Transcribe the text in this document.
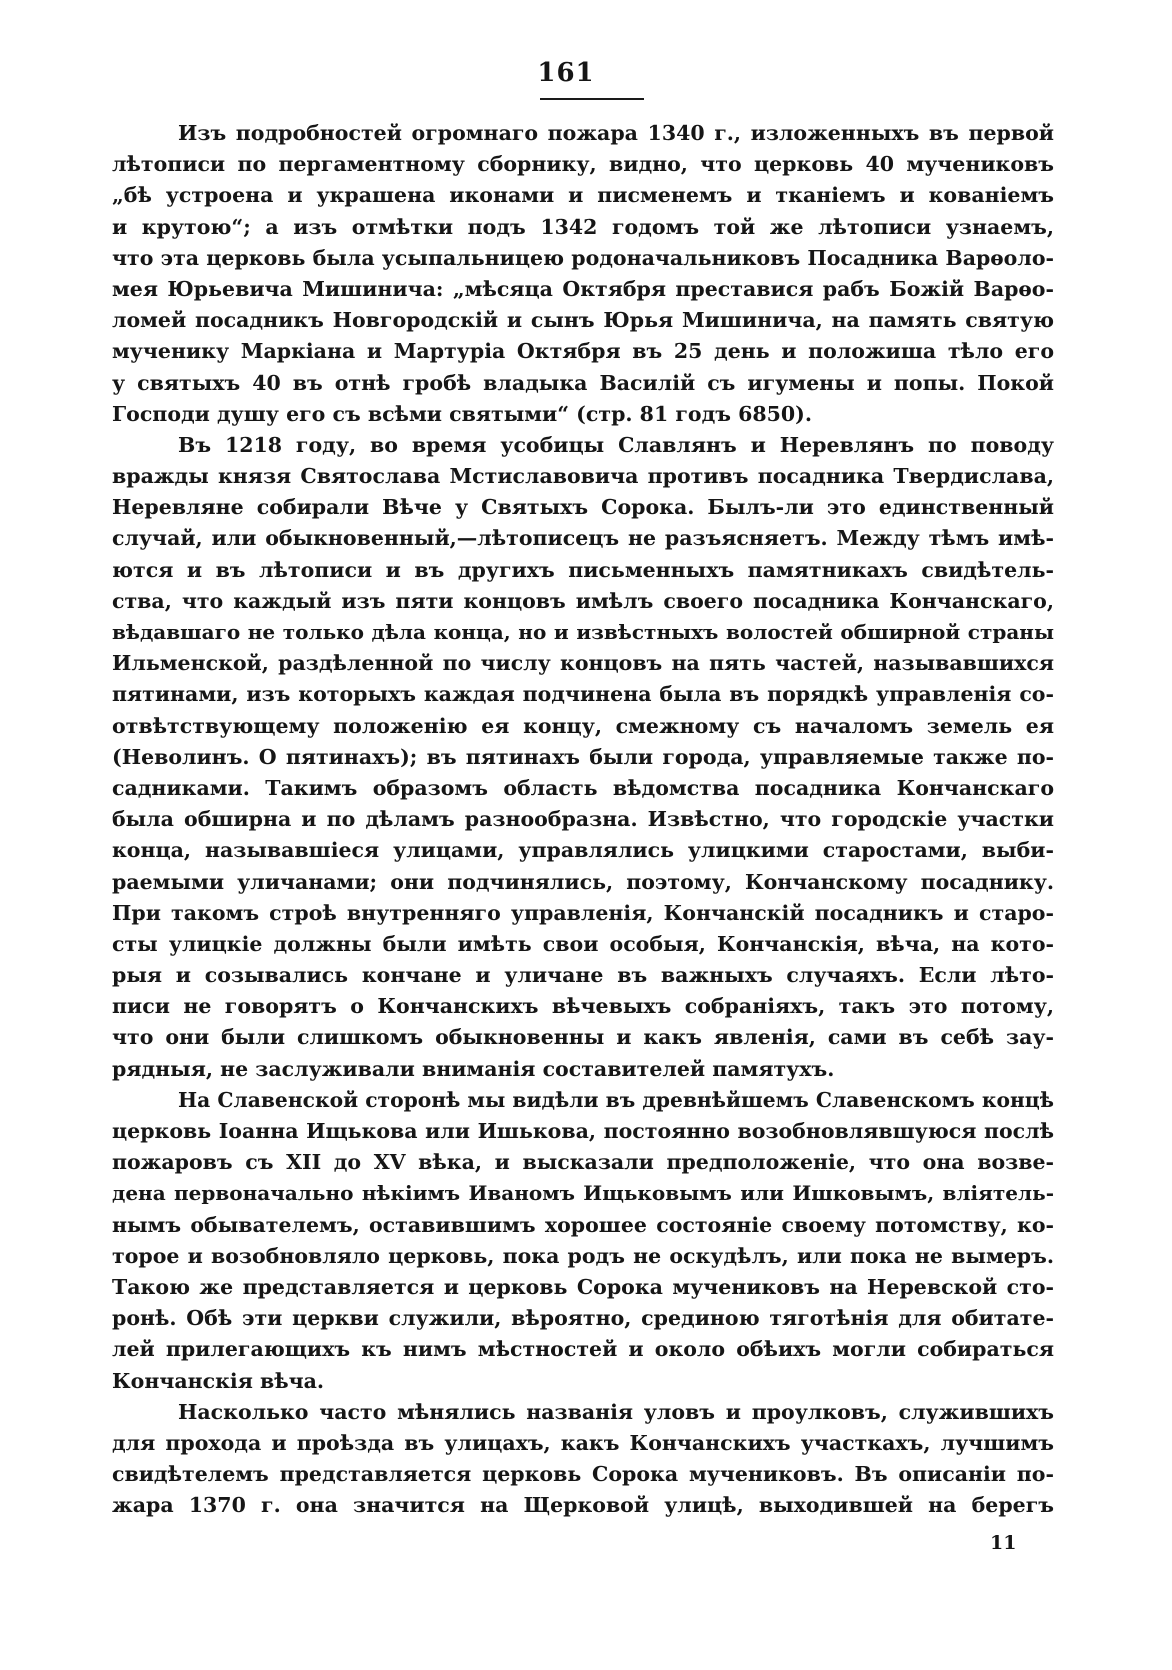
161
Изъ подробностей огромнаго пожара 1340 г., изложенныхъ въ первой
лѣтописи по пергаментному сборнику, видно, что церковь 40 мучениковъ
„бѣ устроена и украшена иконами и писменемъ и тканiемъ и кованiемъ
и крутою“; а изъ отмѣтки подъ 1342 годомъ той же лѣтописи узнаемъ,
что эта церковь была усыпальницею родоначальниковъ Посадника Варѳоло-
мея Юрьевича Мишинича: „мѣсяца Октября преставися рабъ Божiй Варѳо-
ломей посадникъ Новгородскiй и сынъ Юрья Мишинича, на память святую
мученику Маркiана и Мартурiа Октября въ 25 день и положиша тѣло его
у святыхъ 40 въ отнѣ гробѣ владыка Василiй съ игумены и попы. Покой
Господи душу его съ всѣми святыми“ (стр. 81 годъ 6850).
Въ 1218 году, во время усобицы Славлянъ и Неревлянъ по поводу
вражды князя Святослава Мстиславовича противъ посадника Твердислава,
Неревляне собирали Вѣче у Святыхъ Сорока. Былъ-ли это единственный
случай, или обыкновенный,—лѣтописецъ не разъясняетъ. Между тѣмъ имѣ-
ются и въ лѣтописи и въ другихъ письменныхъ памятникахъ свидѣтель-
ства, что каждый изъ пяти концовъ имѣлъ своего посадника Кончанскаго,
вѣдавшаго не только дѣла конца, но и извѣстныхъ волостей обширной страны
Ильменской, раздѣленной по числу концовъ на пять частей, называвшихся
пятинами, изъ которыхъ каждая подчинена была въ порядкѣ управленiя со-
отвѣтствующему положенiю ея концу, смежному съ началомъ земель ея
(Неволинъ. О пятинахъ); въ пятинахъ были города, управляемые также по-
садниками. Такимъ образомъ область вѣдомства посадника Кончанскаго
была обширна и по дѣламъ разнообразна. Извѣстно, что городскiе участки
конца, называвшiеся улицами, управлялись улицкими старостами, выби-
раемыми уличанами; они подчинялись, поэтому, Кончанскому посаднику.
При такомъ строѣ внутренняго управленiя, Кончанскiй посадникъ и старо-
сты улицкiе должны были имѣть свои особыя, Кончанскiя, вѣча, на кото-
рыя и созывались кончане и уличане въ важныхъ случаяхъ. Если лѣто-
писи не говорятъ о Кончанскихъ вѣчевыхъ собранiяхъ, такъ это потому,
что они были слишкомъ обыкновенны и какъ явленiя, сами въ себѣ зау-
рядныя, не заслуживали вниманiя составителей памятухъ.
На Славенской сторонѣ мы видѣли въ древнѣйшемъ Славенскомъ концѣ
церковь Iоанна Ищькова или Ишькова, постоянно возобновлявшуюся послѣ
пожаровъ съ XII до XV вѣка, и высказали предположенiе, что она возве-
дена первоначально нѣкiимъ Иваномъ Ищьковымъ или Ишковымъ, влiятель-
нымъ обывателемъ, оставившимъ хорошее состоянiе своему потомству, ко-
торое и возобновляло церковь, пока родъ не оскудѣлъ, или пока не вымеръ.
Такою же представляется и церковь Сорока мучениковъ на Неревской сто-
ронѣ. Обѣ эти церкви служили, вѣроятно, срединою тяготѣнiя для обитате-
лей прилегающихъ къ нимъ мѣстностей и около обѣихъ могли собираться
Кончанскiя вѣча.
Насколько часто мѣнялись названiя уловъ и проулковъ, служившихъ
для прохода и проѣзда въ улицахъ, какъ Кончанскихъ участкахъ, лучшимъ
свидѣтелемъ представляется церковь Сорока мучениковъ. Въ описанiи по-
жара 1370 г. она значится на Щерковой улицѣ, выходившей на берегъ
11
